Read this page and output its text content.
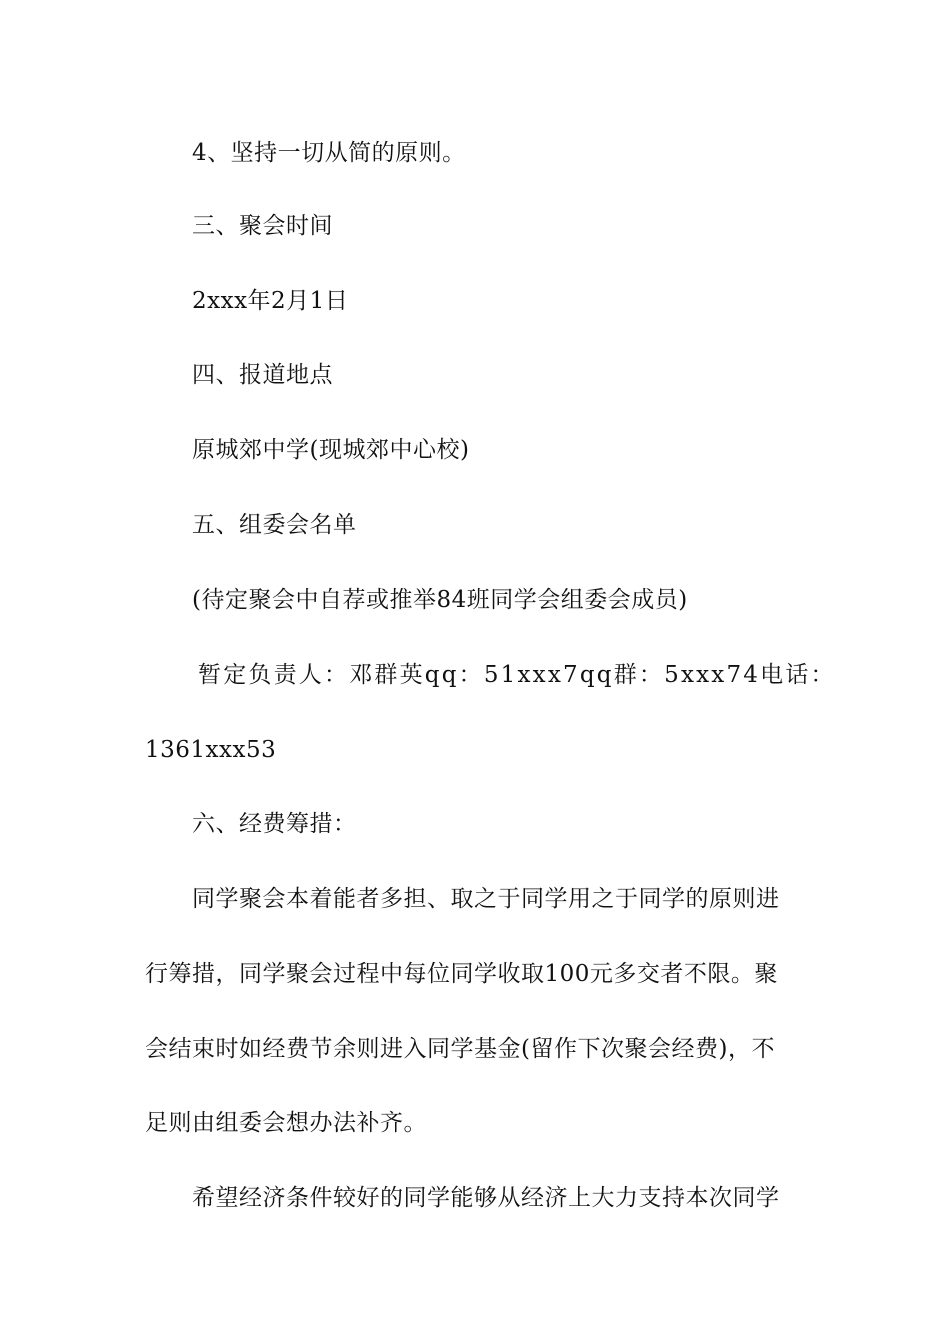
4、坚持一切从简的原则。
三、聚会时间
2xxx年2月1日
四、报道地点
原城郊中学(现城郊中心校)
五、组委会名单
(待定聚会中自荐或推举84班同学会组委会成员)
暂定负责人：邓群英qq：51xxx7qq群：5xxx74电话：
1361xxx53
六、经费筹措：
同学聚会本着能者多担、取之于同学用之于同学的原则进
行筹措，同学聚会过程中每位同学收取100元多交者不限。聚
会结束时如经费节余则进入同学基金(留作下次聚会经费)，不
足则由组委会想办法补齐。
希望经济条件较好的同学能够从经济上大力支持本次同学
